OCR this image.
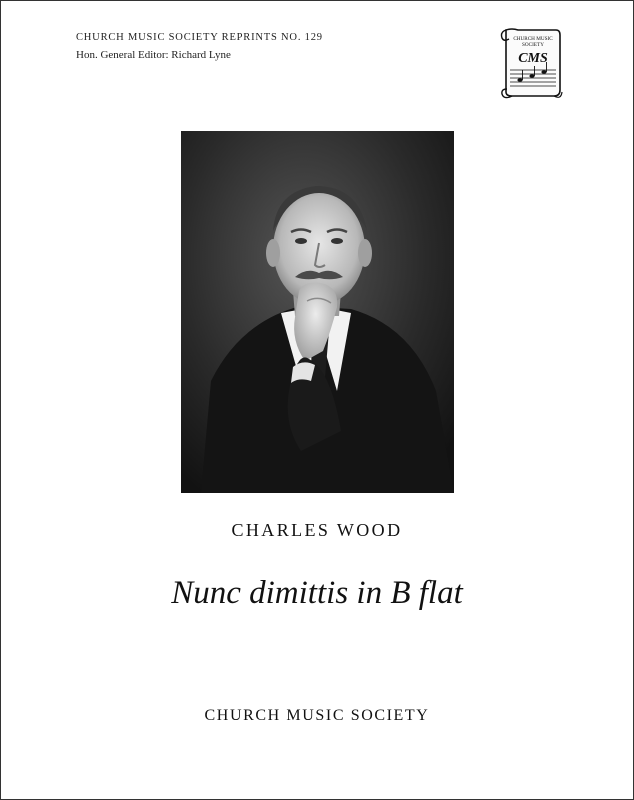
CHURCH MUSIC SOCIETY REPRINTS NO. 129
Hon. General Editor: Richard Lyne
CHURCH MUSIC
SOCIETY
CMS
CHARLES WOOD
Nunc dimittis in B flat
CHURCH MUSIC SOCIETY
